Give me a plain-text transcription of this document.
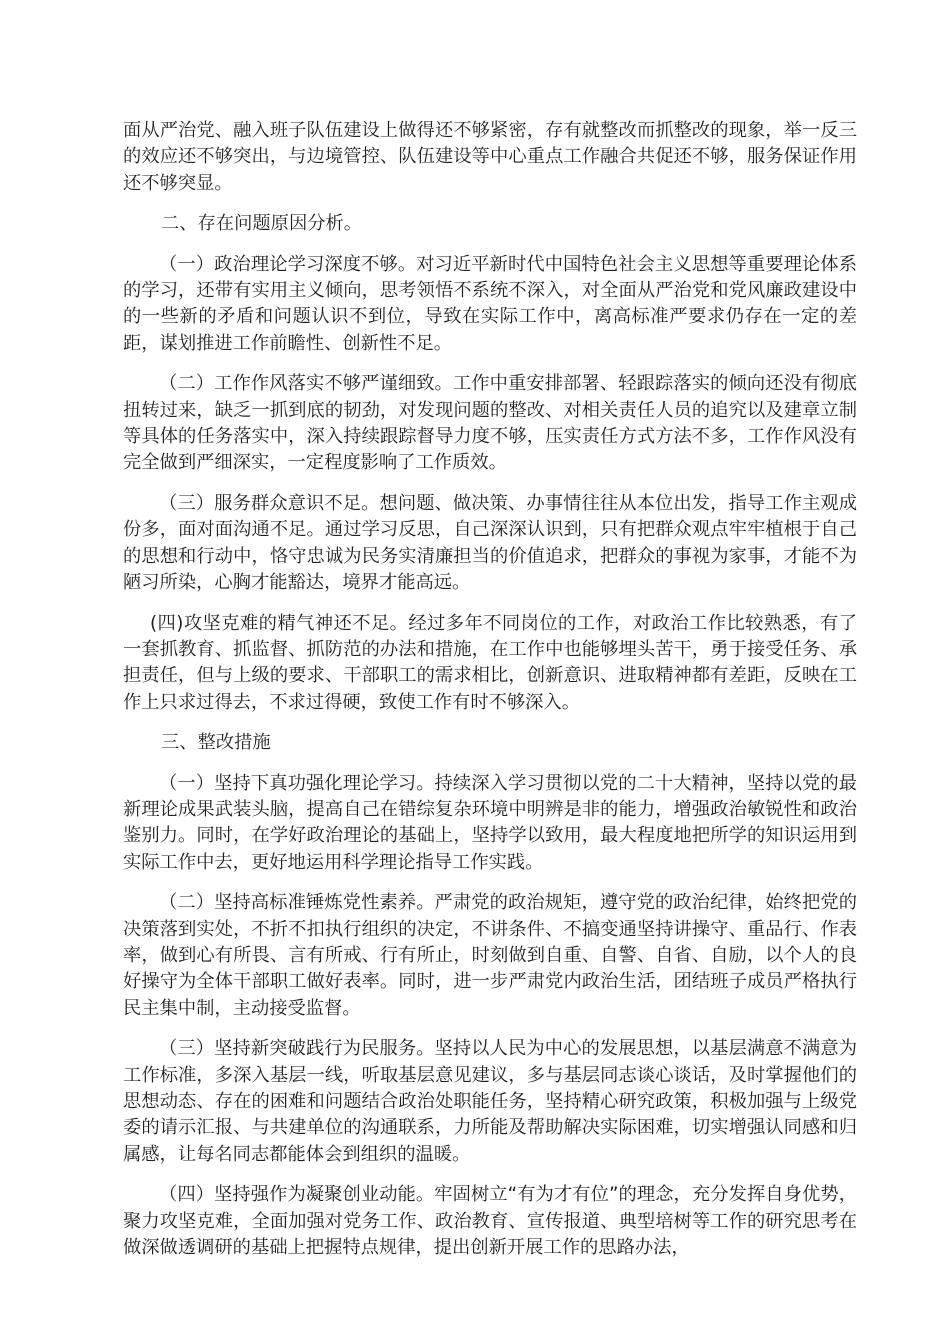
面从严治党、融入班子队伍建设上做得还不够紧密，存有就整改而抓整改的现象，举一反三的效应还不够突出，与边境管控、队伍建设等中心重点工作融合共促还不够，服务保证作用还不够突显。

二、存在问题原因分析。

（一）政治理论学习深度不够。对习近平新时代中国特色社会主义思想等重要理论体系的学习，还带有实用主义倾向，思考领悟不系统不深入，对全面从严治党和党风廉政建设中的一些新的矛盾和问题认识不到位，导致在实际工作中，离高标准严要求仍存在一定的差距，谋划推进工作前瞻性、创新性不足。

（二）工作作风落实不够严谨细致。工作中重安排部署、轻跟踪落实的倾向还没有彻底扭转过来，缺乏一抓到底的韧劲，对发现问题的整改、对相关责任人员的追究以及建章立制等具体的任务落实中，深入持续跟踪督导力度不够，压实责任方式方法不多，工作作风没有完全做到严细深实，一定程度影响了工作质效。

（三）服务群众意识不足。想问题、做决策、办事情往往从本位出发，指导工作主观成份多，面对面沟通不足。通过学习反思，自己深深认识到，只有把群众观点牢牢植根于自己的思想和行动中，恪守忠诚为民务实清廉担当的价值追求，把群众的事视为家事，才能不为陋习所染，心胸才能豁达，境界才能高远。

(四)攻坚克难的精气神还不足。经过多年不同岗位的工作，对政治工作比较熟悉，有了一套抓教育、抓监督、抓防范的办法和措施，在工作中也能够埋头苦干，勇于接受任务、承担责任，但与上级的要求、干部职工的需求相比，创新意识、进取精神都有差距，反映在工作上只求过得去，不求过得硬，致使工作有时不够深入。

三、整改措施

（一）坚持下真功强化理论学习。持续深入学习贯彻以党的二十大精神，坚持以党的最新理论成果武装头脑，提高自己在错综复杂环境中明辨是非的能力，增强政治敏锐性和政治鉴别力。同时，在学好政治理论的基础上，坚持学以致用，最大程度地把所学的知识运用到实际工作中去，更好地运用科学理论指导工作实践。

（二）坚持高标准锤炼党性素养。严肃党的政治规矩，遵守党的政治纪律，始终把党的决策落到实处，不折不扣执行组织的决定，不讲条件、不搞变通坚持讲操守、重品行、作表率，做到心有所畏、言有所戒、行有所止，时刻做到自重、自警、自省、自励，以个人的良好操守为全体干部职工做好表率。同时，进一步严肃党内政治生活，团结班子成员严格执行民主集中制，主动接受监督。

（三）坚持新突破践行为民服务。坚持以人民为中心的发展思想，以基层满意不满意为工作标准，多深入基层一线，听取基层意见建议，多与基层同志谈心谈话，及时掌握他们的思想动态、存在的困难和问题结合政治处职能任务，坚持精心研究政策，积极加强与上级党委的请示汇报、与共建单位的沟通联系，力所能及帮助解决实际困难，切实增强认同感和归属感，让每名同志都能体会到组织的温暖。

（四）坚持强作为凝聚创业动能。牢固树立“有为才有位”的理念，充分发挥自身优势，聚力攻坚克难，全面加强对党务工作、政治教育、宣传报道、典型培树等工作的研究思考在做深做透调研的基础上把握特点规律，提出创新开展工作的思路办法，
